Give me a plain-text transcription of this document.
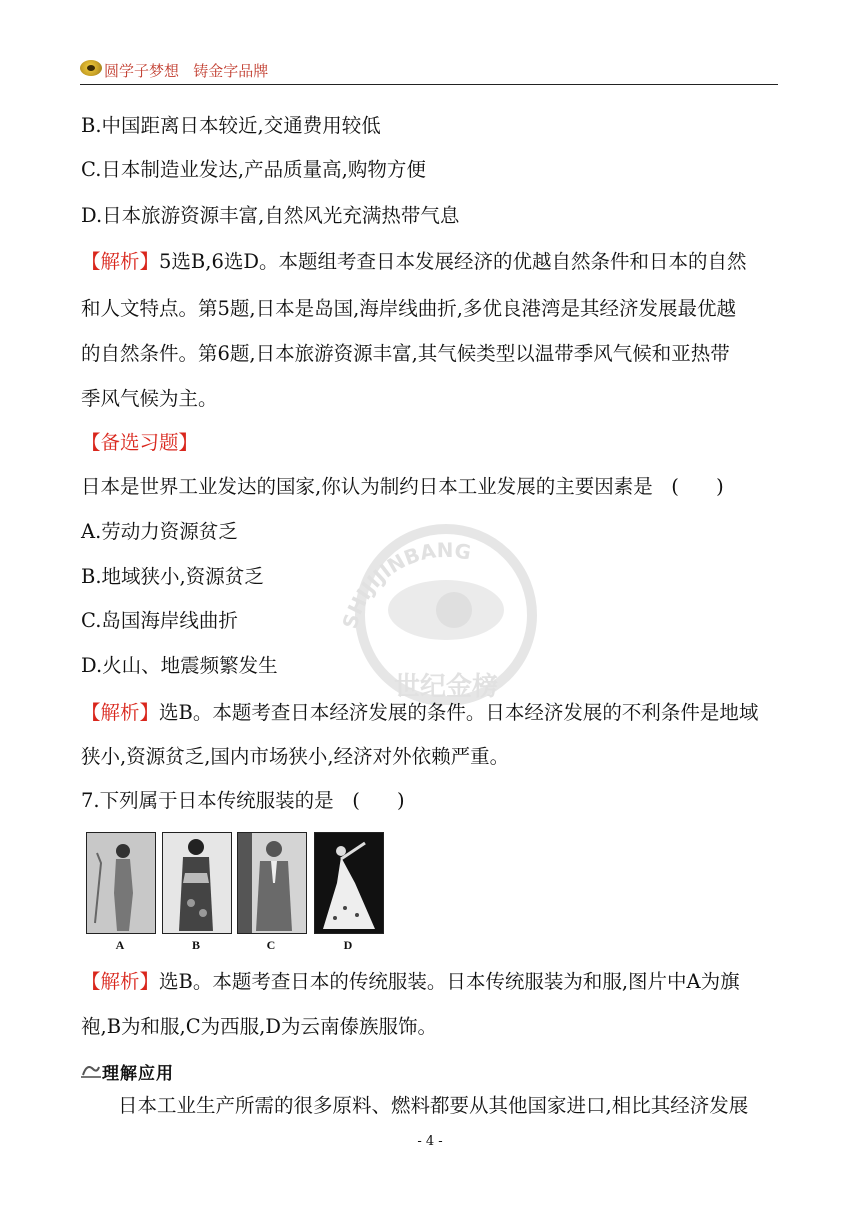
圆学子梦想   铸金字品牌
SHIJIJINBANG
世纪金榜
B.中国距离日本较近,交通费用较低
C.日本制造业发达,产品质量高,购物方便
D.日本旅游资源丰富,自然风光充满热带气息
【解析】5选B,6选D。本题组考查日本发展经济的优越自然条件和日本的自然
和人文特点。第5题,日本是岛国,海岸线曲折,多优良港湾是其经济发展最优越
的自然条件。第6题,日本旅游资源丰富,其气候类型以温带季风气候和亚热带
季风气候为主。
【备选习题】
日本是世界工业发达的国家,你认为制约日本工业发展的主要因素是   (      )
A.劳动力资源贫乏
B.地域狭小,资源贫乏
C.岛国海岸线曲折
D.火山、地震频繁发生
【解析】选B。本题考查日本经济发展的条件。日本经济发展的不利条件是地域
狭小,资源贫乏,国内市场狭小,经济对外依赖严重。
7.下列属于日本传统服装的是   (      )
A	B	C	D
【解析】选B。本题考查日本的传统服装。日本传统服装为和服,图片中A为旗
袍,B为和服,C为西服,D为云南傣族服饰。
理解应用
日本工业生产所需的很多原料、燃料都要从其他国家进口,相比其经济发展
- 4 -
